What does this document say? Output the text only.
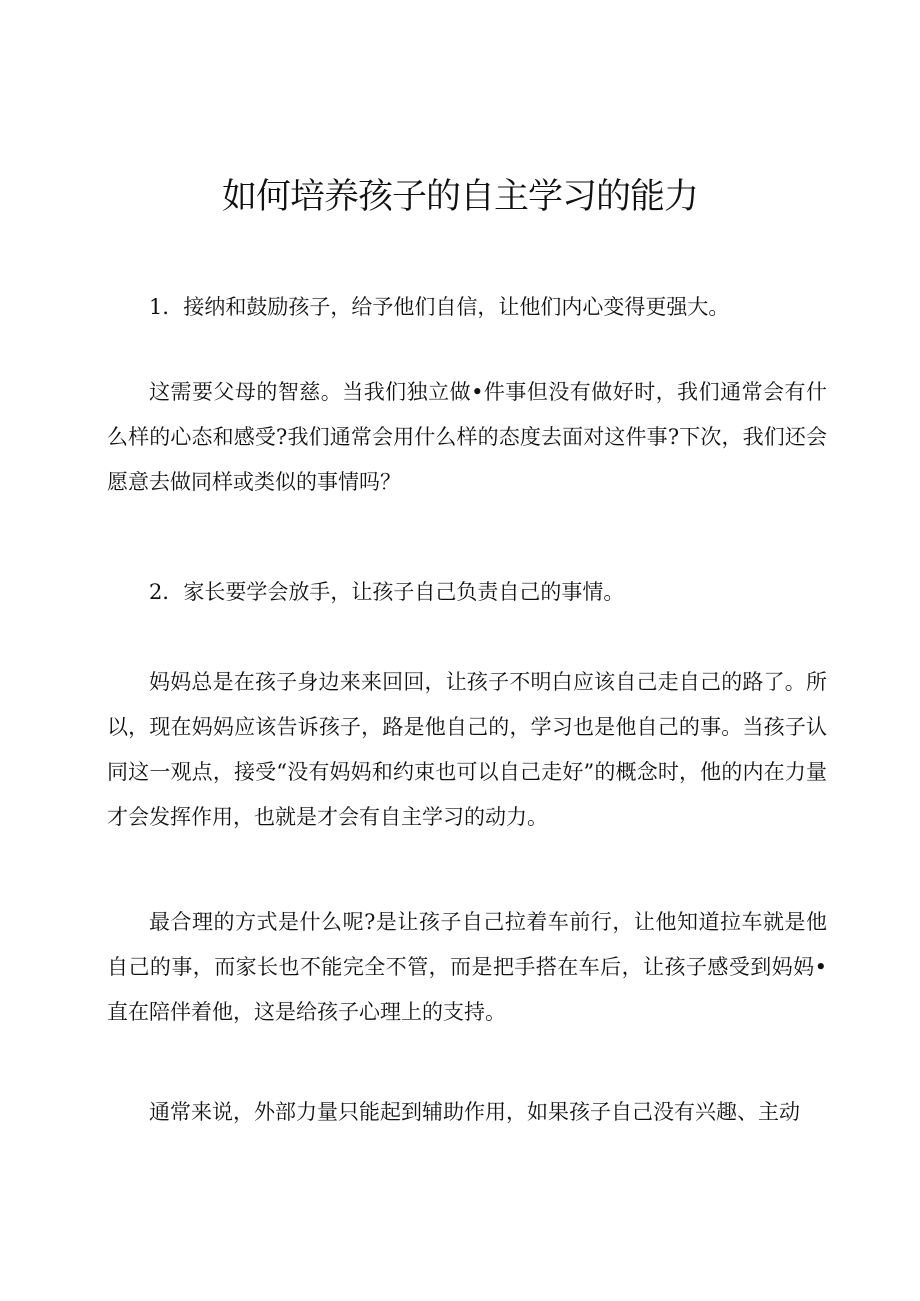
如何培养孩子的自主学习的能力

1．接纳和鼓励孩子，给予他们自信，让他们内心变得更强大。

这需要父母的智慈。当我们独立做•件事但没有做好时，我们通常会有什么样的心态和感受?我们通常会用什么样的态度去面对这件事?下次，我们还会愿意去做同样或类似的事情吗？

2．家长要学会放手，让孩子自己负责自己的事情。

妈妈总是在孩子身边来来回回，让孩子不明白应该自己走自己的路了。所以，现在妈妈应该告诉孩子，路是他自己的，学习也是他自己的事。当孩子认同这一观点，接受“没有妈妈和约束也可以自己走好”的概念时，他的内在力量才会发挥作用，也就是才会有自主学习的动力。

最合理的方式是什么呢?是让孩子自己拉着车前行，让他知道拉车就是他自己的事，而家长也不能完全不管，而是把手搭在车后，让孩子感受到妈妈•直在陪伴着他，这是给孩子心理上的支持。

通常来说，外部力量只能起到辅助作用，如果孩子自己没有兴趣、主动
